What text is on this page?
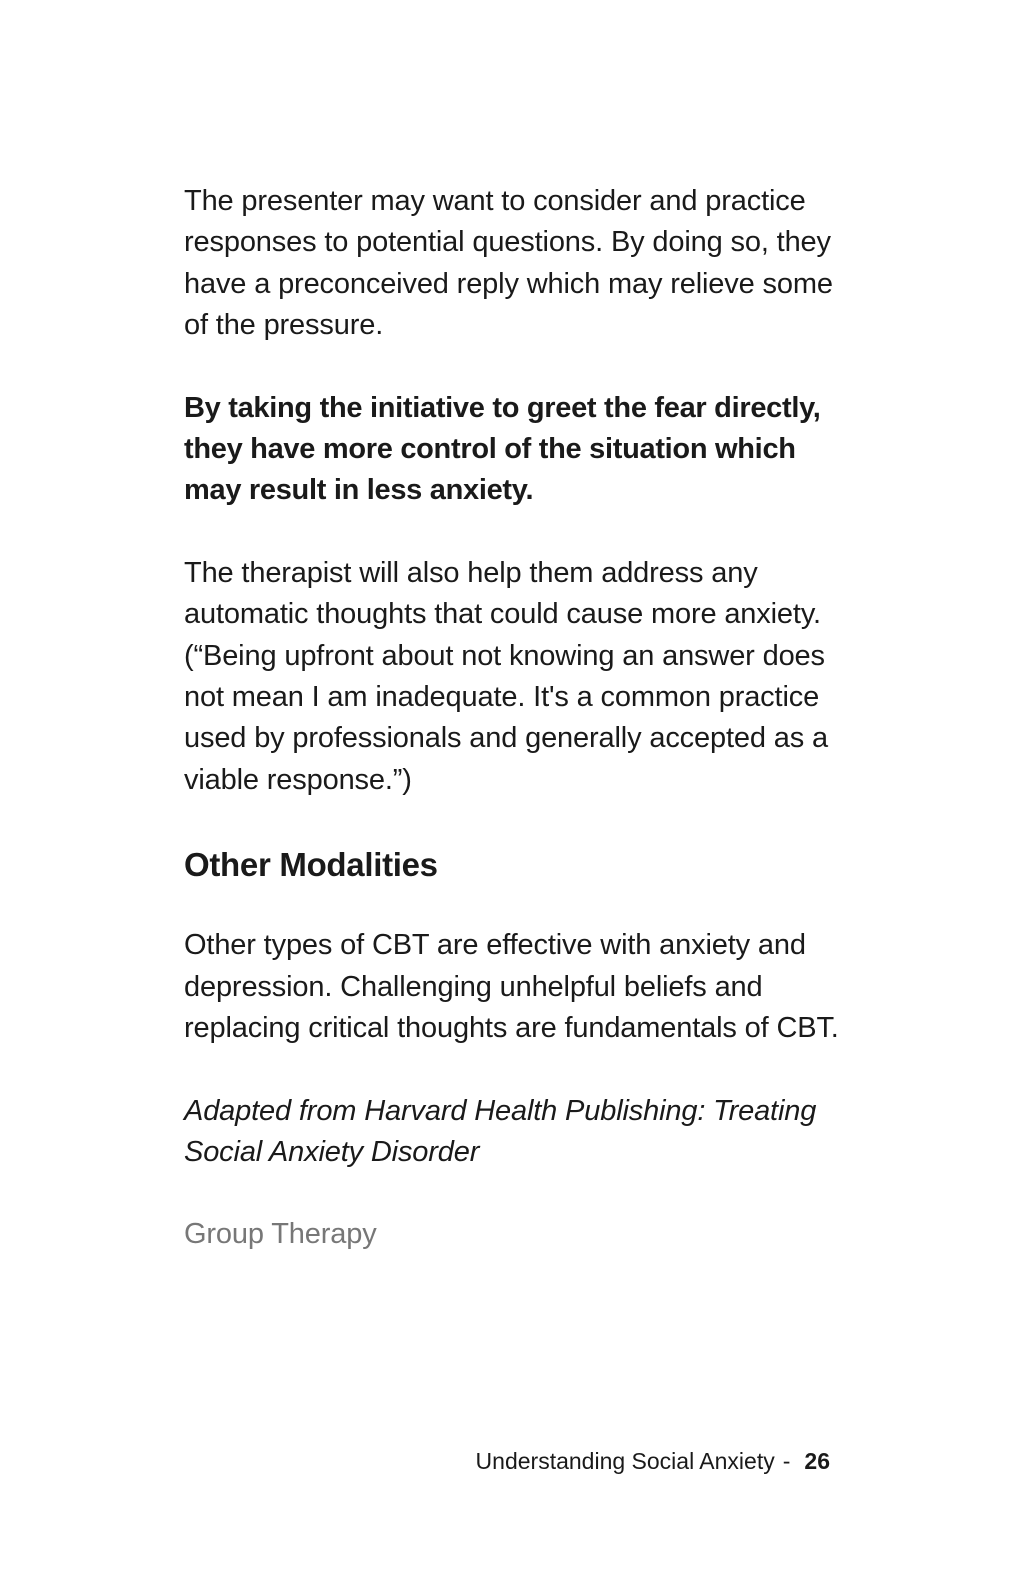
The presenter may want to consider and practice responses to potential questions. By doing so, they have a preconceived reply which may relieve some of the pressure.

By taking the initiative to greet the fear directly, they have more control of the situation which may result in less anxiety.

The therapist will also help them address any automatic thoughts that could cause more anxiety. (“Being upfront about not knowing an answer does not mean I am inadequate. It's a common practice used by professionals and generally accepted as a viable response.”)

Other Modalities

Other types of CBT are effective with anxiety and depression. Challenging unhelpful beliefs and replacing critical thoughts are fundamentals of CBT.

Adapted from Harvard Health Publishing: Treating Social Anxiety Disorder

Group Therapy

Understanding Social Anxiety - 26
